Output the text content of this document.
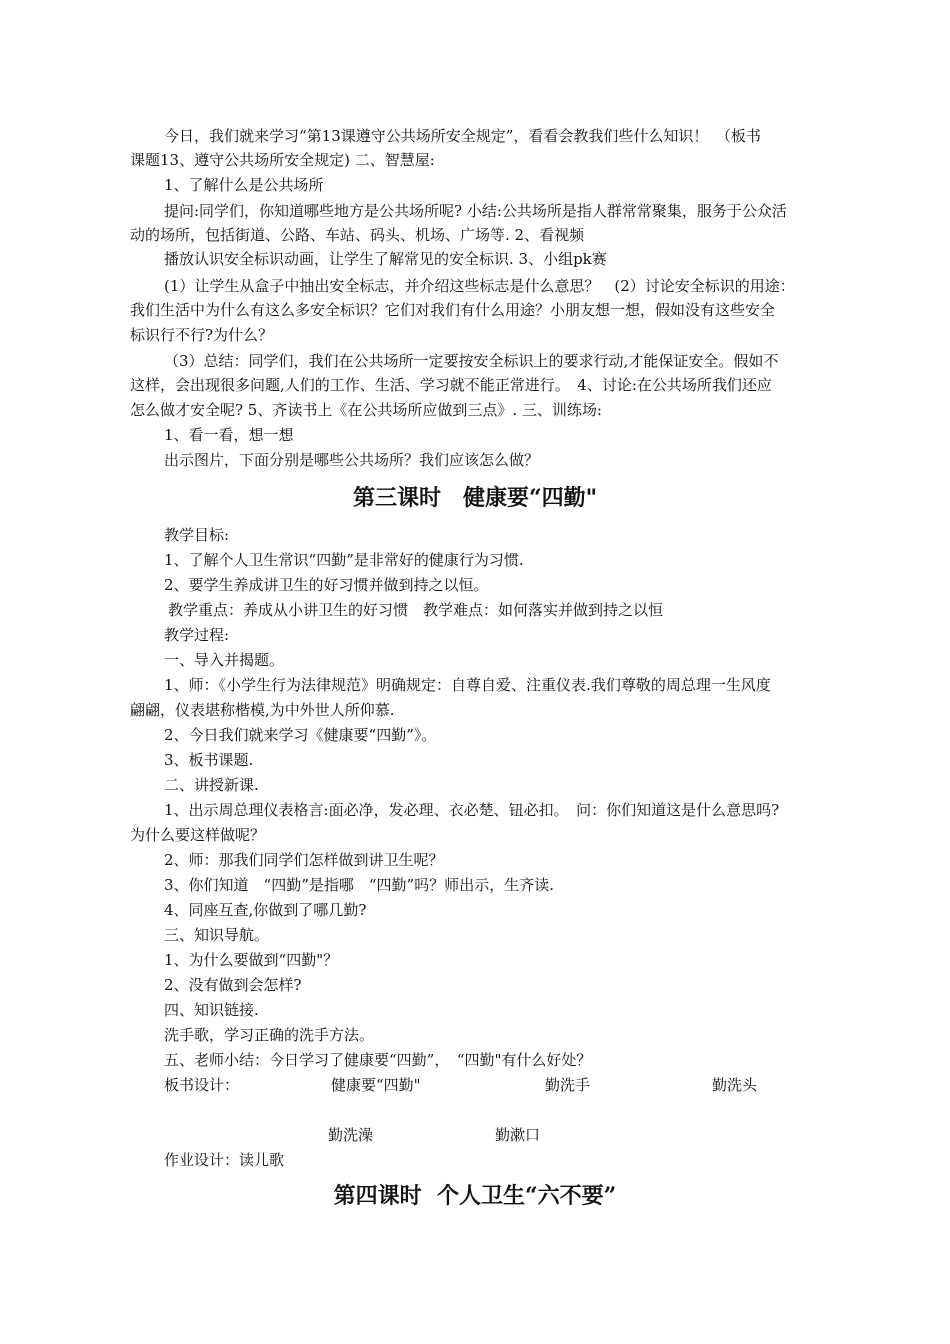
今日，我们就来学习“第13课遵守公共场所安全规定”，看看会教我们些什么知识！　（板书
课题13、遵守公共场所安全规定) 二、智慧屋:
1、了解什么是公共场所
提问:同学们，你知道哪些地方是公共场所呢? 小结:公共场所是指人群常常聚集，服务于公众活
动的场所，包括街道、公路、车站、码头、机场、广场等. 2、看视频
播放认识安全标识动画，让学生了解常见的安全标识. 3、小组pk赛
(1）让学生从盒子中抽出安全标志，并介绍这些标志是什么意思？　(2）讨论安全标识的用途：
我们生活中为什么有这么多安全标识？它们对我们有什么用途？小朋友想一想，假如没有这些安全
标识行不行?为什么？
（3）总结：同学们，我们在公共场所一定要按安全标识上的要求行动,才能保证安全。假如不
这样，会出现很多问题,人们的工作、生活、学习就不能正常进行。　4、讨论:在公共场所我们还应
怎么做才安全呢? 5、齐读书上《在公共场所应做到三点》. 三、训练场:
1、看一看，想一想
出示图片，下面分别是哪些公共场所？我们应该怎么做？
第三课时　健康要“四勤"
教学目标:
1、了解个人卫生常识“四勤”是非常好的健康行为习惯.
2、要学生养成讲卫生的好习惯并做到持之以恒。
教学重点：养成从小讲卫生的好习惯　教学难点：如何落实并做到持之以恒
教学过程:
一、导入并揭题。
1、师：《小学生行为法律规范》明确规定：自尊自爱、注重仪表.我们尊敬的周总理一生风度
翩翩，仪表堪称楷模,为中外世人所仰慕.
2、今日我们就来学习《健康要“四勤”》。
3、板书课题.
二、讲授新课.
1、出示周总理仪表格言:面必净，发必理、衣必楚、钮必扣。　问：你们知道这是什么意思吗?
为什么要这样做呢？
2、师：那我们同学们怎样做到讲卫生呢？
3、你们知道　“四勤”是指哪　“四勤”吗？师出示，生齐读.
4、同座互查,你做到了哪几勤?
三、知识导航。
1、为什么要做到“四勤"？
2、没有做到会怎样?
四、知识链接.
洗手歌，学习正确的洗手方法。
五、老师小结：今日学习了健康要“四勤”，　“四勤"有什么好处？
板书设计：	健康要“四勤"	勤洗手	勤洗头
勤洗澡	勤漱口
作业设计：读儿歌
第四课时  个人卫生“六不要”
